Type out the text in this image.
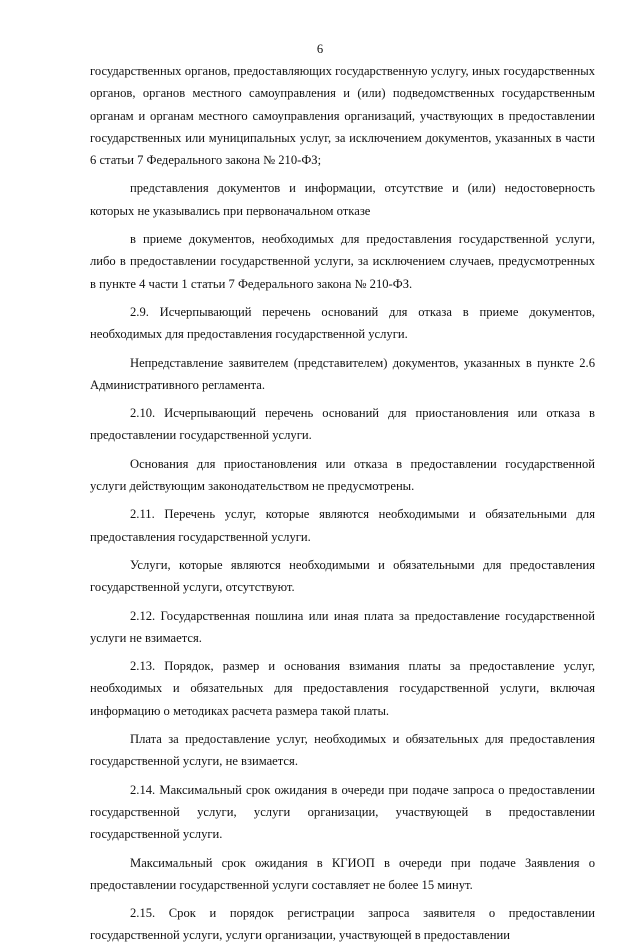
6

государственных органов, предоставляющих государственную услугу, иных государственных органов, органов местного самоуправления и (или) подведомственных государственным органам и органам местного самоуправления организаций, участвующих в предоставлении государственных или муниципальных услуг, за исключением документов, указанных в части 6 статьи 7 Федерального закона № 210-ФЗ;

представления документов и информации, отсутствие и (или) недостоверность которых не указывались при первоначальном отказе

в приеме документов, необходимых для предоставления государственной услуги, либо в предоставлении государственной услуги, за исключением случаев, предусмотренных в пункте 4 части 1 статьи 7 Федерального закона № 210-ФЗ.

2.9. Исчерпывающий перечень оснований для отказа в приеме документов, необходимых для предоставления государственной услуги.

Непредставление заявителем (представителем) документов, указанных в пункте 2.6 Административного регламента.

2.10. Исчерпывающий перечень оснований для приостановления или отказа в предоставлении государственной услуги.

Основания для приостановления или отказа в предоставлении государственной услуги действующим законодательством не предусмотрены.

2.11. Перечень услуг, которые являются необходимыми и обязательными для предоставления государственной услуги.

Услуги, которые являются необходимыми и обязательными для предоставления государственной услуги, отсутствуют.

2.12. Государственная пошлина или иная плата за предоставление государственной услуги не взимается.

2.13. Порядок, размер и основания взимания платы за предоставление услуг, необходимых и обязательных для предоставления государственной услуги, включая информацию о методиках расчета размера такой платы.

Плата за предоставление услуг, необходимых и обязательных для предоставления государственной услуги, не взимается.

2.14. Максимальный срок ожидания в очереди при подаче запроса о предоставлении государственной услуги, услуги организации, участвующей в предоставлении государственной услуги.

Максимальный срок ожидания в КГИОП в очереди при подаче Заявления о предоставлении государственной услуги составляет не более 15 минут.

2.15. Срок и порядок регистрации запроса заявителя о предоставлении государственной услуги, услуги организации, участвующей в предоставлении
